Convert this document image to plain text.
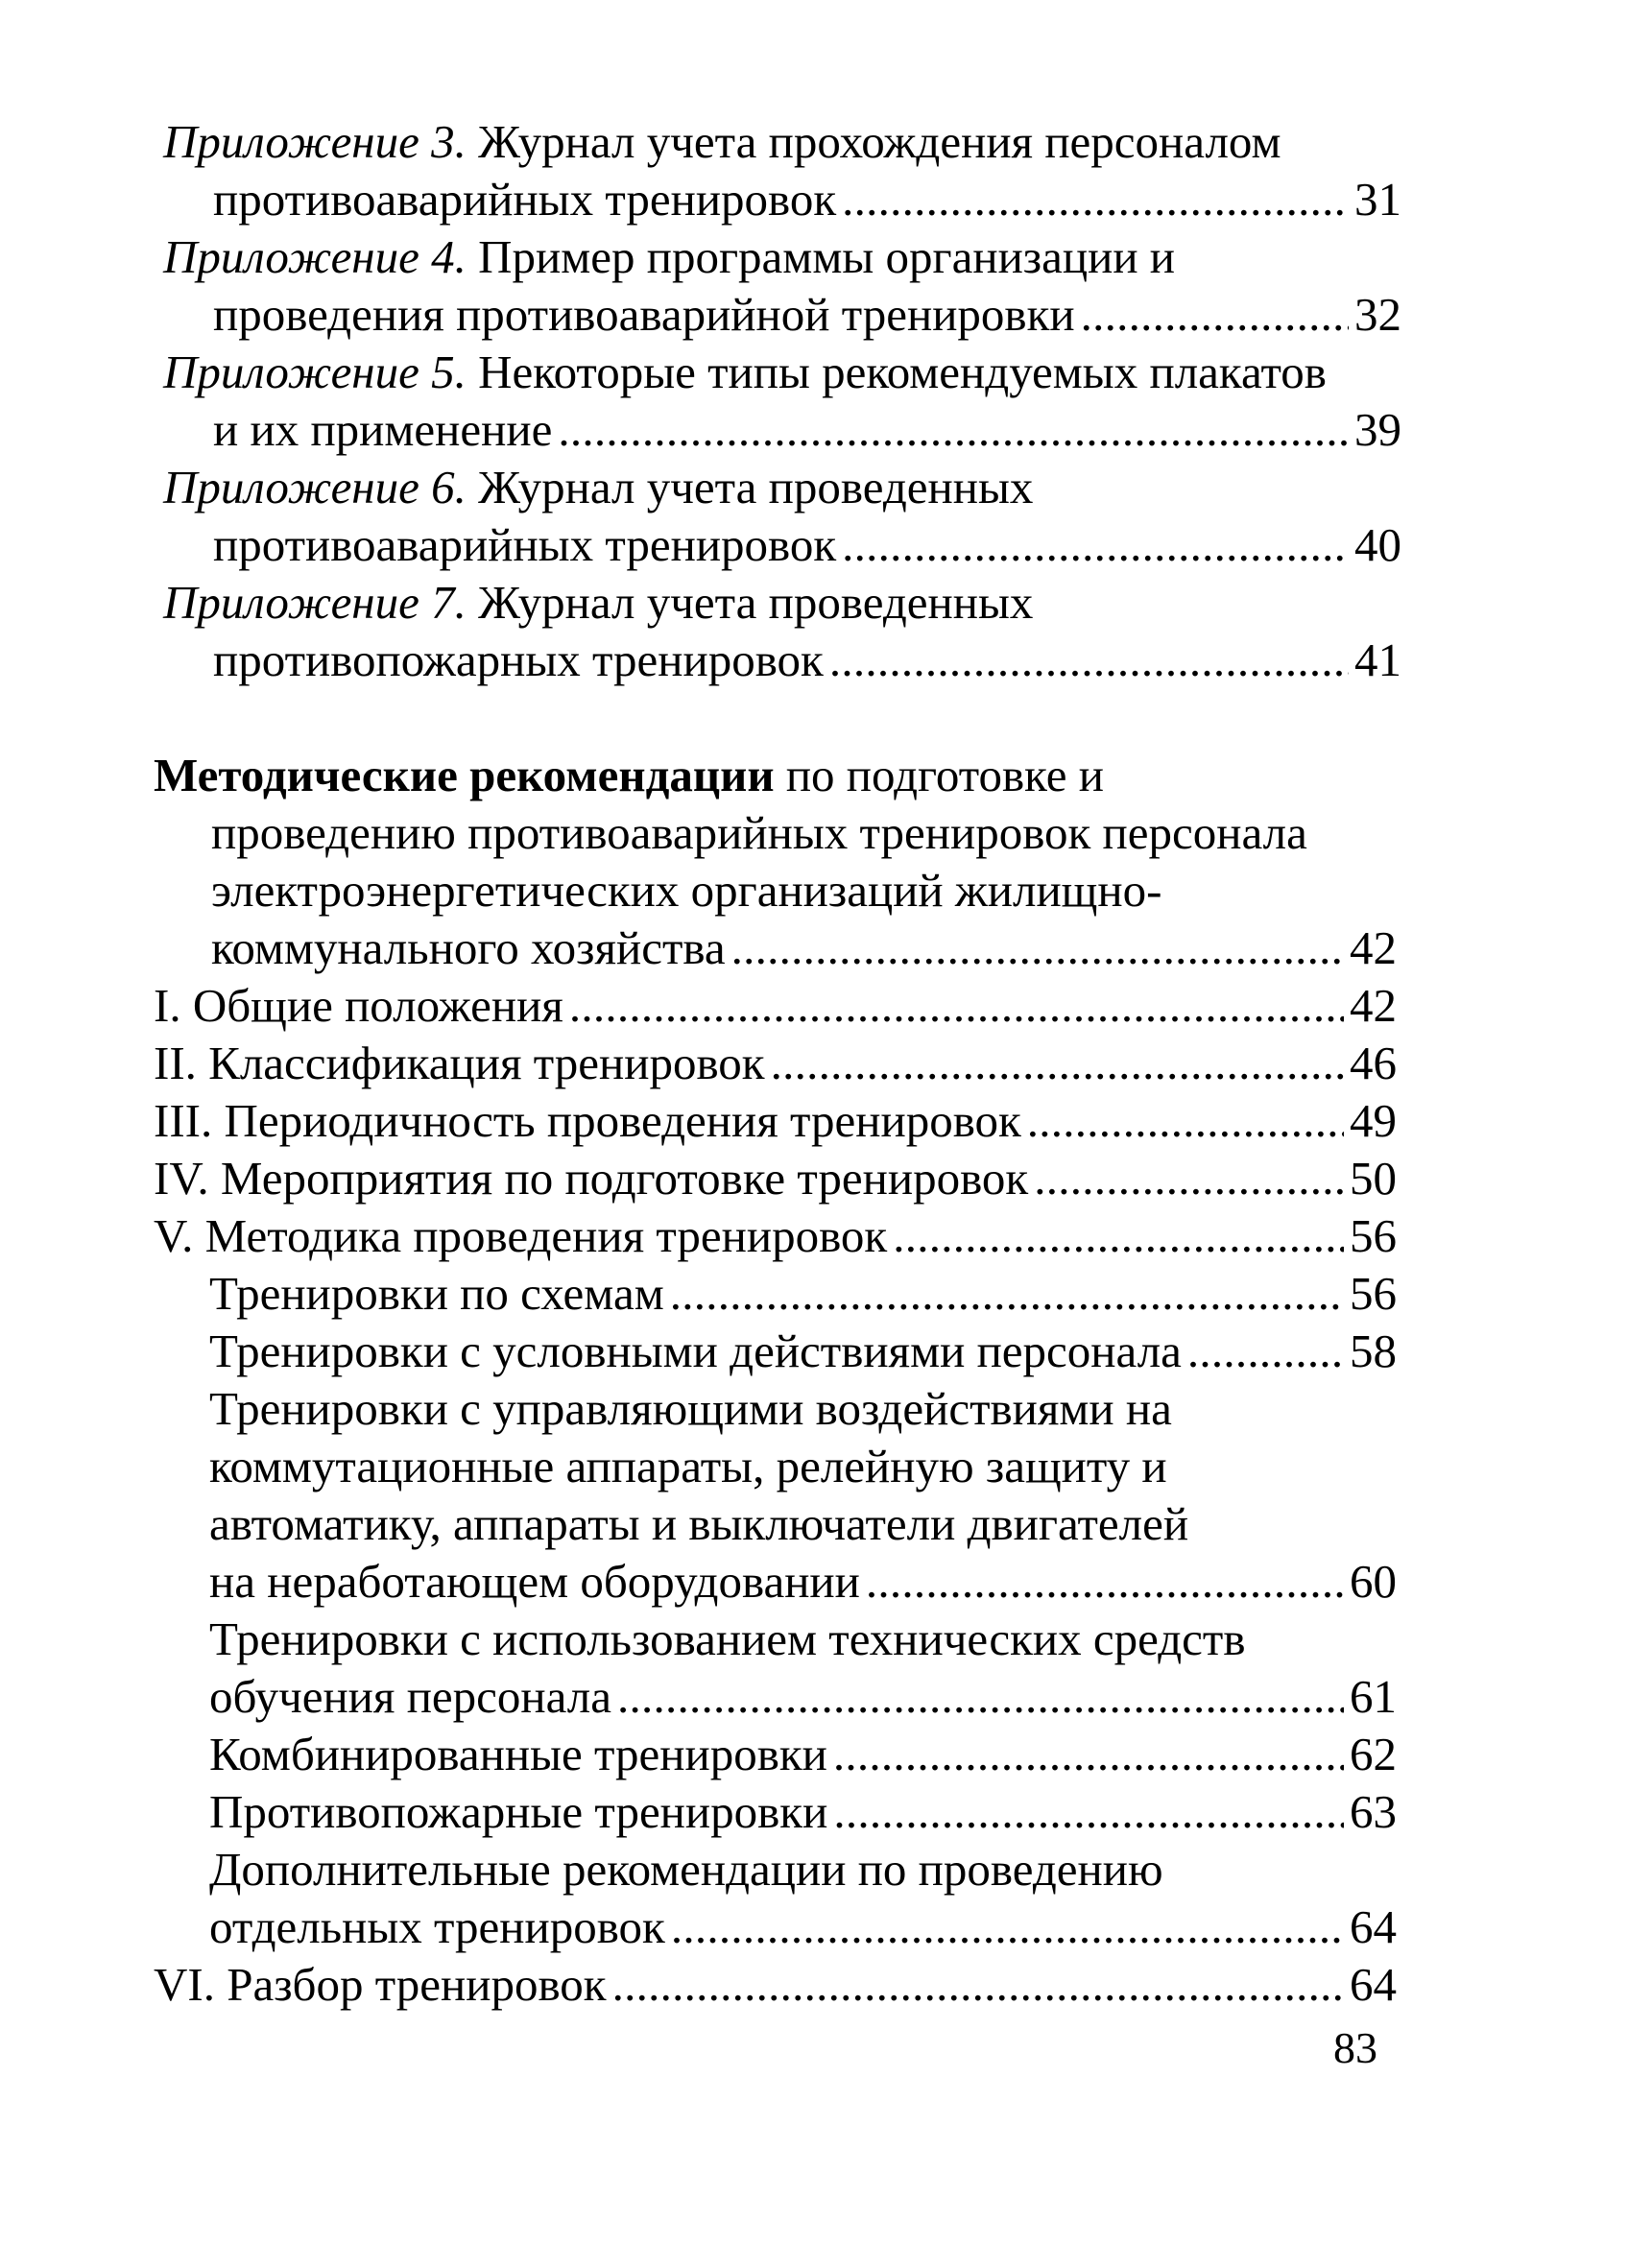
Приложение 3. Журнал учета прохождения персоналом
противоаварийных тренировок . . .	31
Приложение 4. Пример программы организации и
проведения противоаварийной тренировки . . .	32
Приложение 5. Некоторые типы рекомендуемых плакатов
и их применение . . .	39
Приложение 6. Журнал учета проведенных
противоаварийных тренировок . . .	40
Приложение 7. Журнал учета проведенных
противопожарных тренировок . . .	41
Методические рекомендации по подготовке и
проведению противоаварийных тренировок персонала
электроэнергетических организаций жилищно-
коммунального хозяйства . . .	42
I. Общие положения . . .	42
II. Классификация тренировок . . .	46
III. Периодичность проведения тренировок . . .	49
IV. Мероприятия по подготовке тренировок . . .	50
V. Методика проведения тренировок . . .	56
Тренировки по схемам . . .	56
Тренировки с условными действиями персонала . . .	58
Тренировки с управляющими воздействиями на
коммутационные аппараты, релейную защиту и
автоматику, аппараты и выключатели двигателей
на неработающем оборудовании . . .	60
Тренировки с использованием технических средств
обучения персонала . . .	61
Комбинированные тренировки . . .	62
Противопожарные тренировки . . .	63
Дополнительные рекомендации по проведению
отдельных тренировок . . .	64
VI. Разбор тренировок . . .	64
83
